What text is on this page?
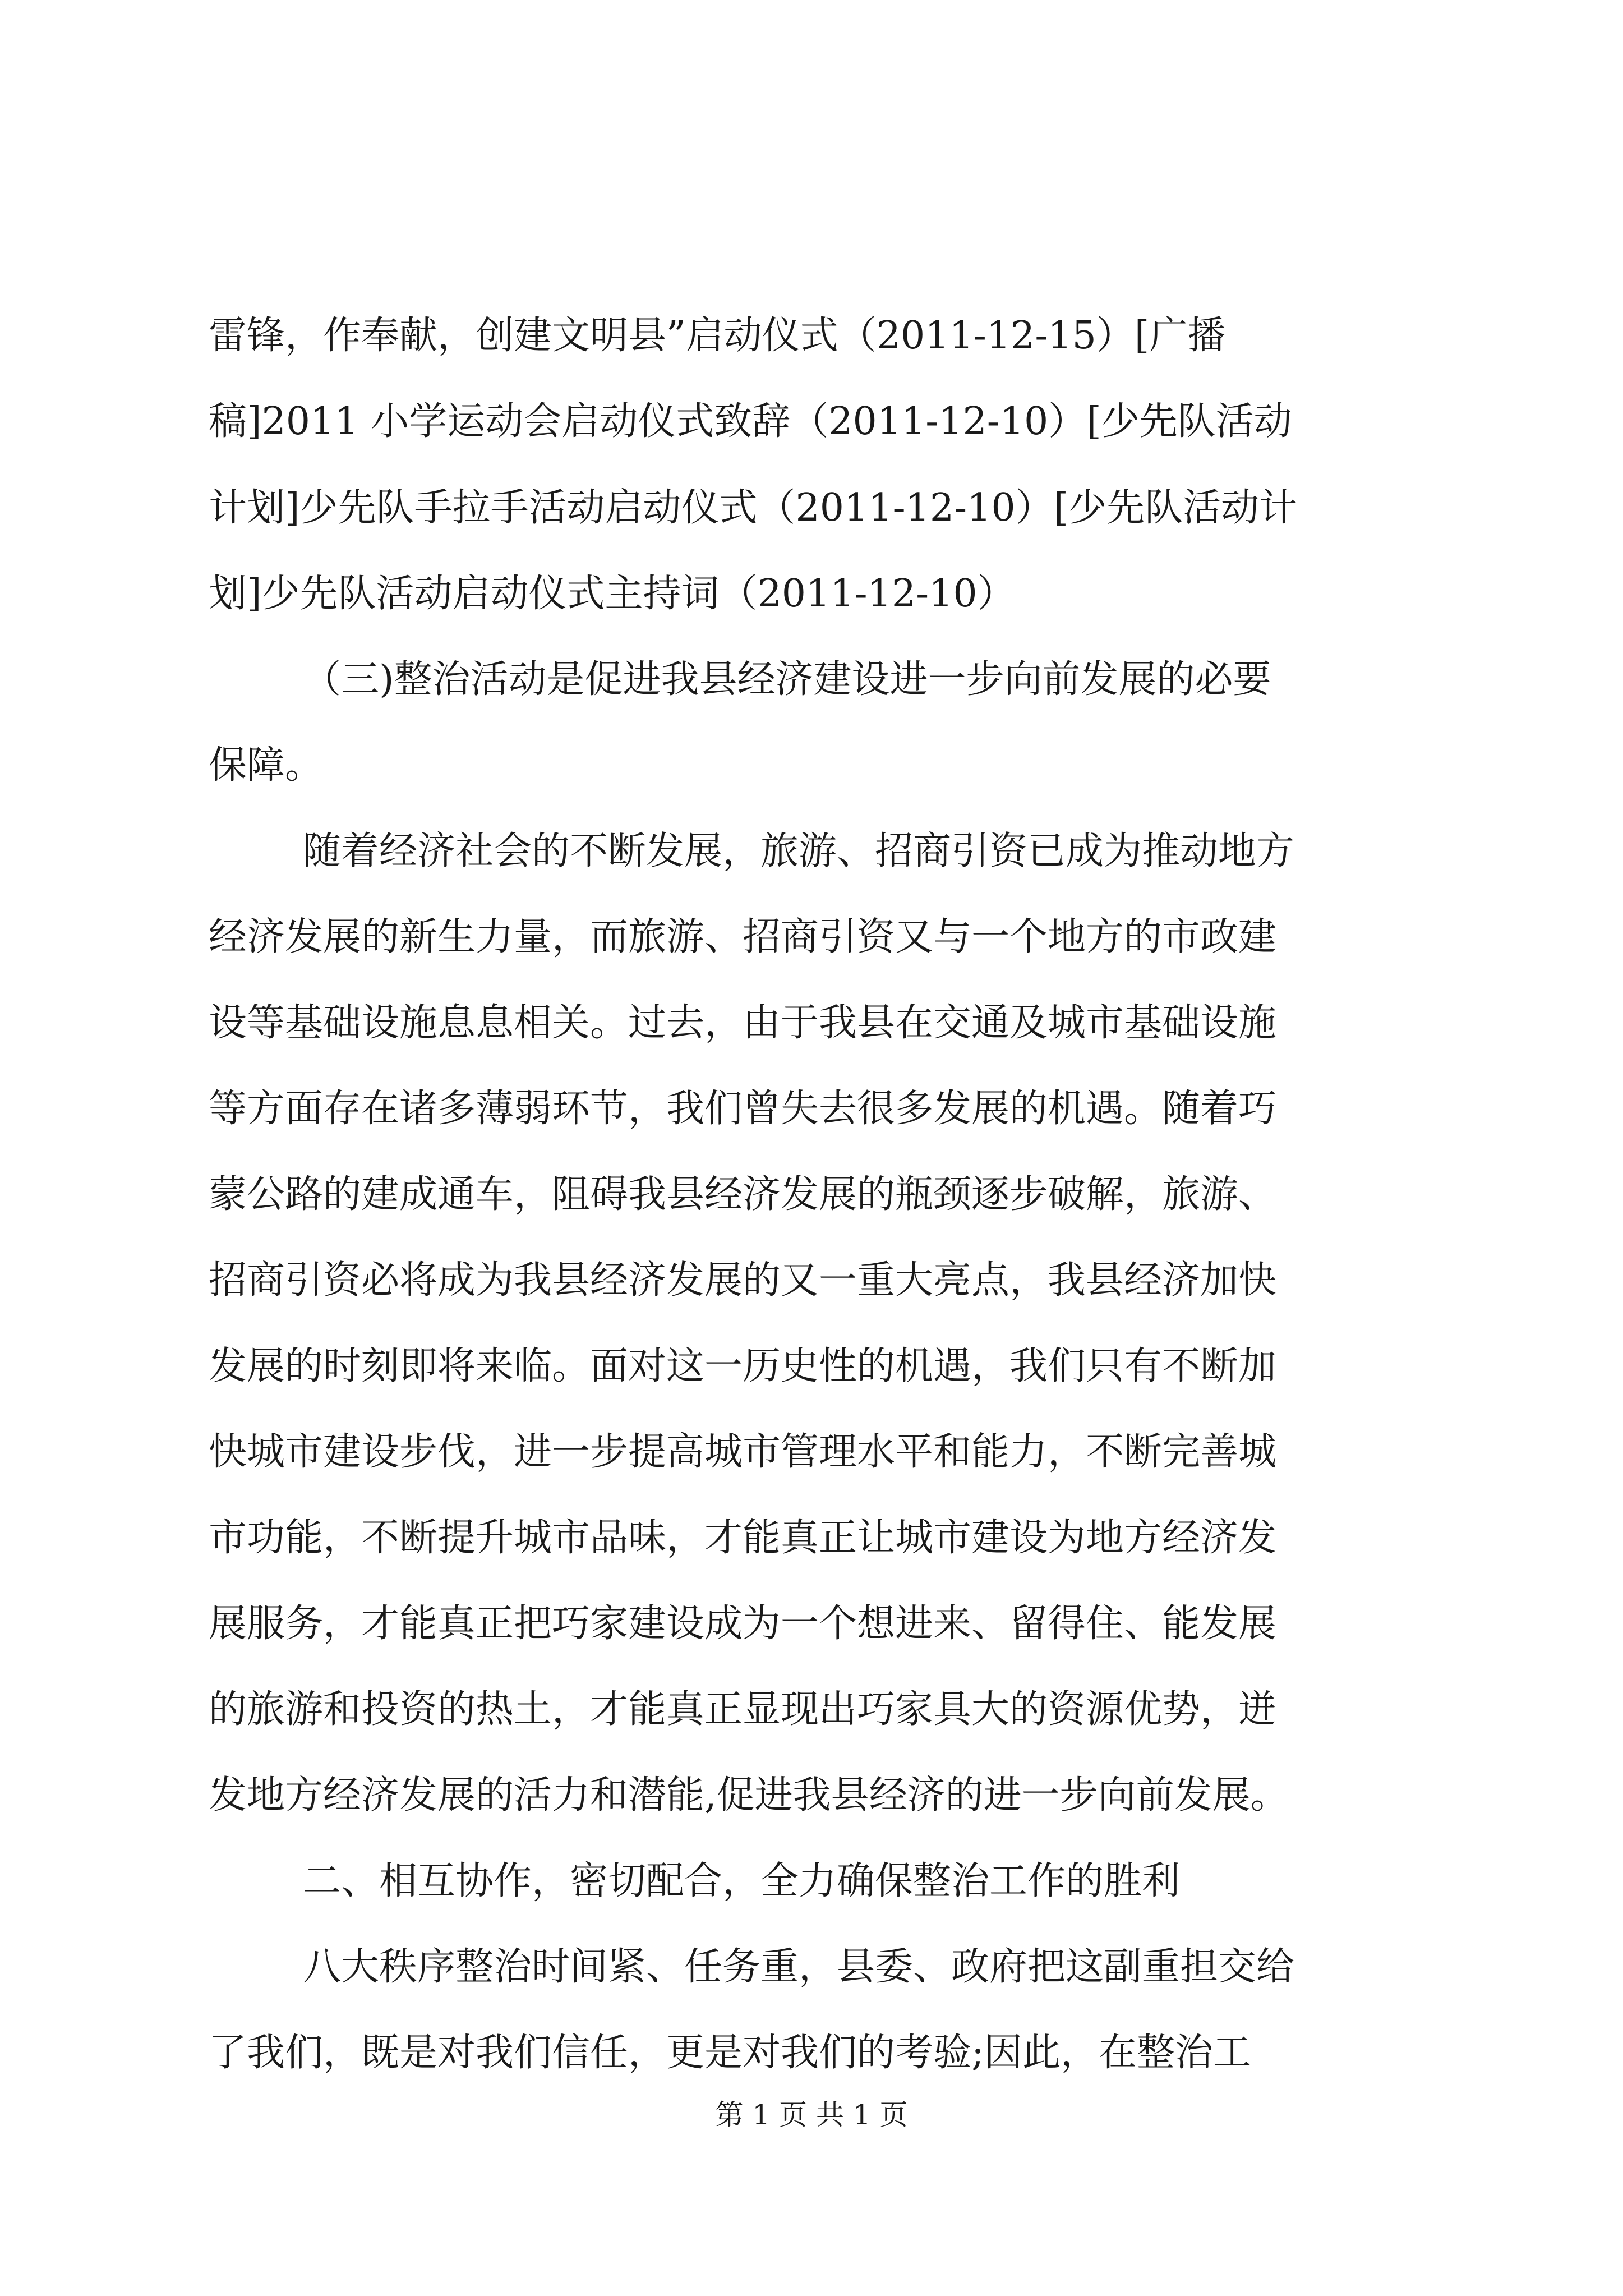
雷锋，作奉献，创建文明县”启动仪式（2011-12-15）[广播
稿]2011 小学运动会启动仪式致辞（2011-12-10）[少先队活动
计划]少先队手拉手活动启动仪式（2011-12-10）[少先队活动计
划]少先队活动启动仪式主持词（2011-12-10）
（三)整治活动是促进我县经济建设进一步向前发展的必要
保障。
随着经济社会的不断发展，旅游、招商引资已成为推动地方
经济发展的新生力量，而旅游、招商引资又与一个地方的市政建
设等基础设施息息相关。过去，由于我县在交通及城市基础设施
等方面存在诸多薄弱环节，我们曾失去很多发展的机遇。随着巧
蒙公路的建成通车，阻碍我县经济发展的瓶颈逐步破解，旅游、
招商引资必将成为我县经济发展的又一重大亮点，我县经济加快
发展的时刻即将来临。面对这一历史性的机遇，我们只有不断加
快城市建设步伐，进一步提高城市管理水平和能力，不断完善城
市功能，不断提升城市品味，才能真正让城市建设为地方经济发
展服务，才能真正把巧家建设成为一个想进来、留得住、能发展
的旅游和投资的热土，才能真正显现出巧家具大的资源优势，迸
发地方经济发展的活力和潜能,促进我县经济的进一步向前发展。
二、相互协作，密切配合，全力确保整治工作的胜利
八大秩序整治时间紧、任务重，县委、政府把这副重担交给
了我们，既是对我们信任，更是对我们的考验;因此，在整治工
第 1 页 共 1 页
